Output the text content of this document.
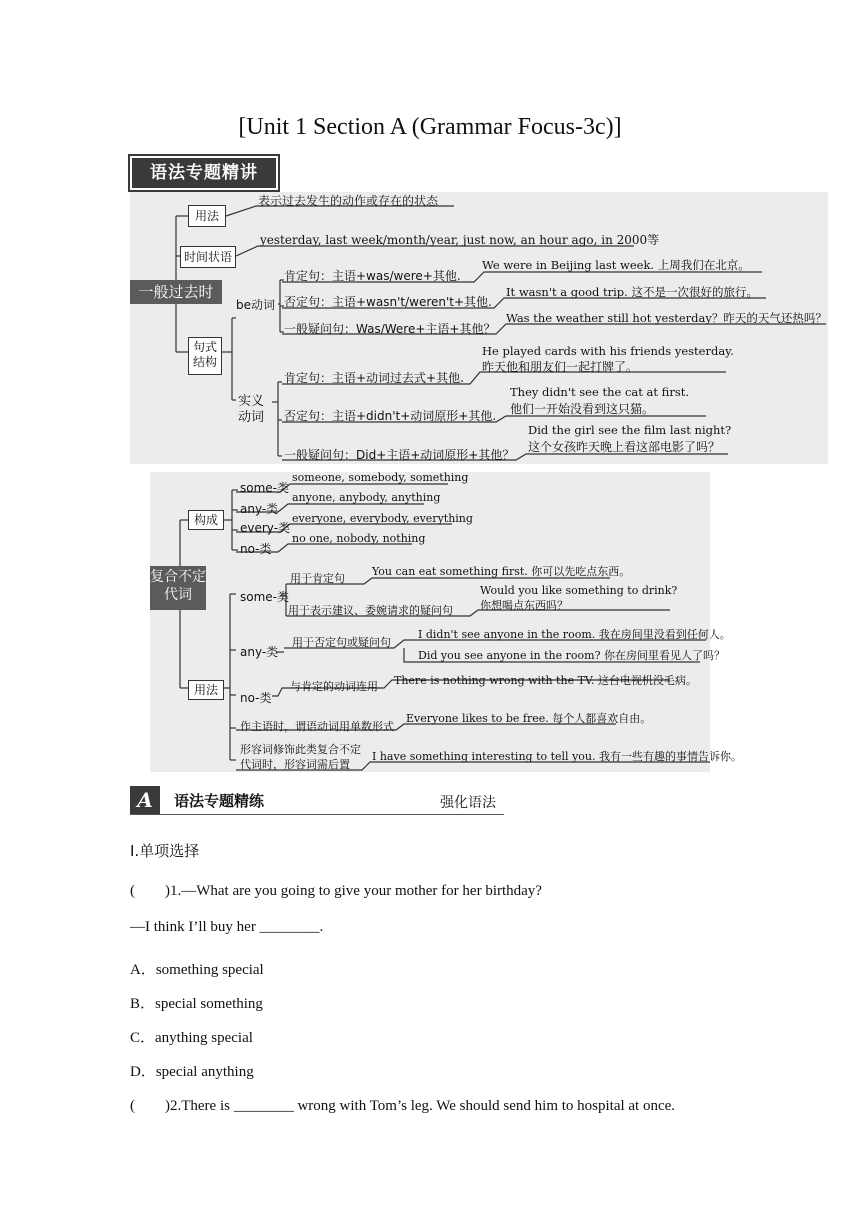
[Unit 1 Section A (Grammar Focus-3c)]
语法专题精讲
一般过去时
用法
表示过去发生的动作或存在的状态
时间状语
yesterday, last week/month/year, just now, an hour ago, in 2000等
句式结构
be动词
肯定句：主语+was/were+其他.
We were in Beijing last week. 上周我们在北京。
否定句：主语+wasn't/weren't+其他.
It wasn't a good trip. 这不是一次很好的旅行。
一般疑问句：Was/Were+主语+其他？
Was the weather still hot yesterday？昨天的天气还热吗？
实义动词
肯定句：主语+动词过去式+其他.
He played cards with his friends yesterday.
昨天他和朋友们一起打牌了。
否定句：主语+didn't+动词原形+其他.
They didn't see the cat at first.
他们一开始没看到这只猫。
一般疑问句：Did+主语+动词原形+其他？
Did the girl see the film last night?
这个女孩昨天晚上看这部电影了吗？
复合不定代词
构成
some-类
someone, somebody, something
any-类
anyone, anybody, anything
every-类
everyone, everybody, everything
no-类
no one, nobody, nothing
用法
some-类
用于肯定句
You can eat something first. 你可以先吃点东西。
用于表示建议、委婉请求的疑问句
Would you like something to drink?
你想喝点东西吗？
any-类
用于否定句或疑问句
I didn't see anyone in the room. 我在房间里没看到任何人。
Did you see anyone in the room? 你在房间里看见人了吗？
no-类
与肯定的动词连用 There is nothing wrong with the TV. 这台电视机没毛病。
作主语时，谓语动词用单数形式
Everyone likes to be free. 每个人都喜欢自由。
形容词修饰此类复合不定
代词时，形容词需后置
I have something interesting to tell you. 我有一些有趣的事情告诉你。
A	语法专题精练	强化语法
Ⅰ.单项选择
(　　)1.—What are you going to give your mother for her birthday?
—I think I’ll buy her ________.
A．something special
B．special something
C．anything special
D．special anything
(　　)2.There is ________ wrong with Tom’s leg. We should send him to hospital at once.
